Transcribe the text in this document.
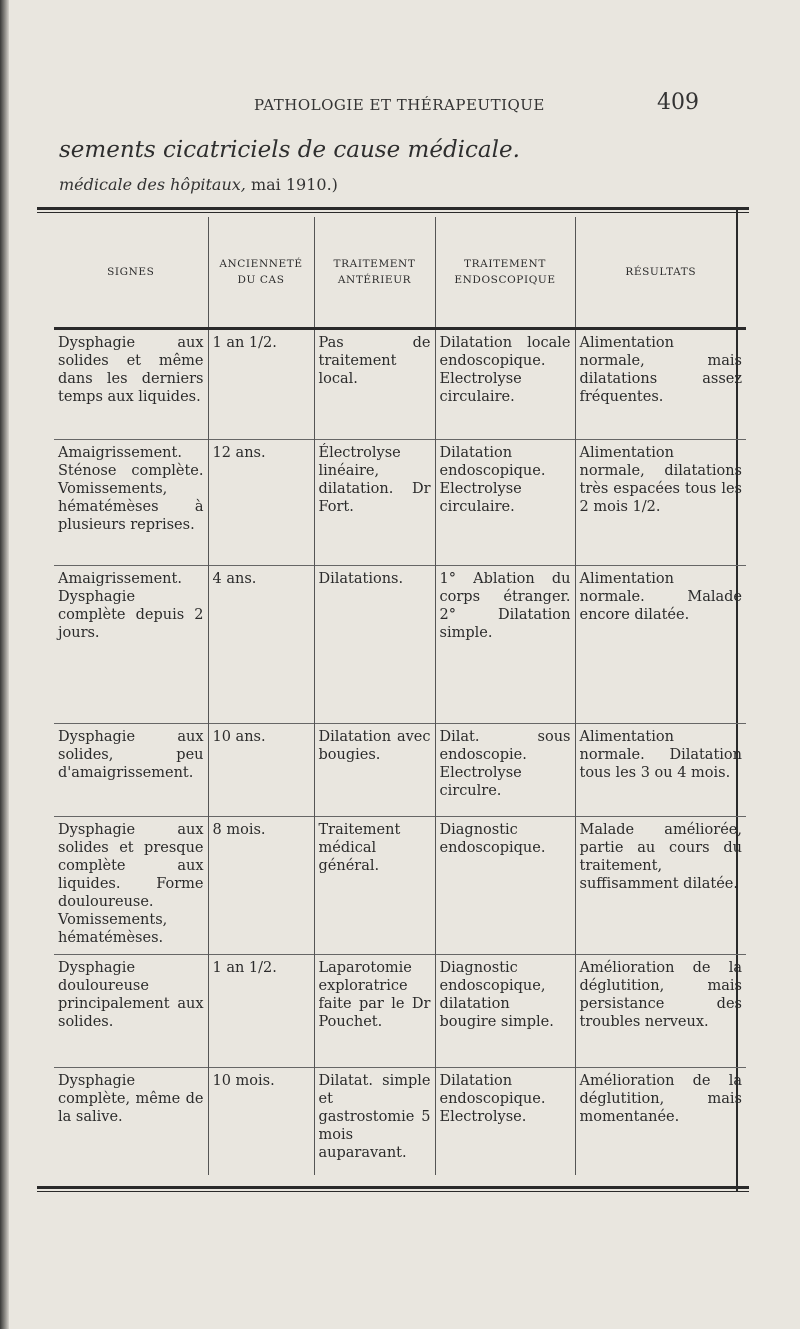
PATHOLOGIE ET THÉRAPEUTIQUE	409
sements cicatriciels de cause médicale.
médicale des hôpitaux, mai 1910.)
SIGNES	ANCIENNETÉ DU CAS	TRAITEMENT ANTÉRIEUR	TRAITEMENT ENDOSCOPIQUE	RÉSULTATS
Dysphagie aux solides et même dans les derniers temps aux liquides.	1 an 1/2.	Pas de traitement local.	Dilatation locale endoscopique. Electrolyse circulaire.	Alimentation normale, mais dilatations assez fréquentes.
Amaigrissement. Sténose complète. Vomissements, hématémèses à plusieurs reprises.	12 ans.	Électrolyse linéaire, dilatation. Dr Fort.	Dilatation endoscopique. Electrolyse circulaire.	Alimentation normale, dilatations très espacées tous les 2 mois 1/2.
Amaigrissement. Dysphagie complète depuis 2 jours.	4 ans.	Dilatations.	1° Ablation du corps étranger. 2° Dilatation simple.	Alimentation normale. Malade encore dilatée.
Dysphagie aux solides, peu d'amaigrissement.	10 ans.	Dilatation avec bougies.	Dilat. sous endoscopie. Electrolyse circulre.	Alimentation normale. Dilatation tous les 3 ou 4 mois.
Dysphagie aux solides et presque complète aux liquides. Forme douloureuse. Vomissements, hématémèses.	8 mois.	Traitement médical général.	Diagnostic endoscopique.	Malade améliorée, partie au cours du traitement, suffisamment dilatée.
Dysphagie douloureuse principalement aux solides.	1 an 1/2.	Laparotomie exploratrice faite par le Dr Pouchet.	Diagnostic endoscopique, dilatation bougire simple.	Amélioration de la déglutition, mais persistance des troubles nerveux.
Dysphagie complète, même de la salive.	10 mois.	Dilatat. simple et gastrostomie 5 mois auparavant.	Dilatation endoscopique. Electrolyse.	Amélioration de la déglutition, mais momentanée.
